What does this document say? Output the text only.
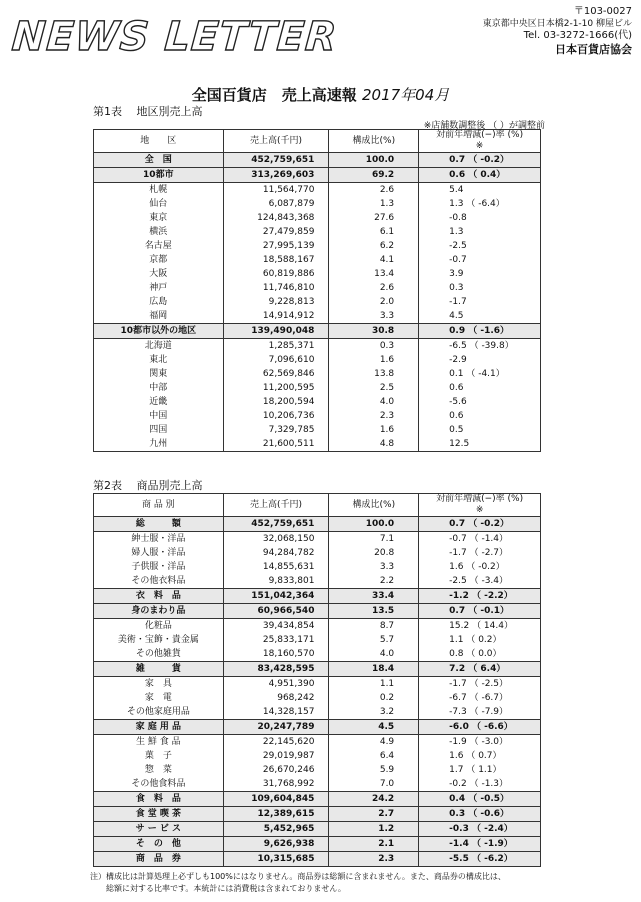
NEWS LETTER
〒103-0027
東京都中央区日本橋2-1-10 柳屋ビル
Tel. 03-3272-1666(代)
日本百貨店協会
全国百貨店　売上高速報 2017年04月
第1表　 地区別売上高
※店舗数調整後 （ ）が調整前
地　　区	売上高(千円)	構成比(%)	対前年増減(−)率 (%)
※
全　国	452,759,651	100.0	0.7 （ -0.2）
10都市	313,269,603	69.2	0.6 （ 0.4）
札幌	11,564,770	2.6	5.4
仙台	6,087,879	1.3	1.3 （ -6.4）
東京	124,843,368	27.6	-0.8
横浜	27,479,859	6.1	1.3
名古屋	27,995,139	6.2	-2.5
京都	18,588,167	4.1	-0.7
大阪	60,819,886	13.4	3.9
神戸	11,746,810	2.6	0.3
広島	9,228,813	2.0	-1.7
福岡	14,914,912	3.3	4.5
10都市以外の地区	139,490,048	30.8	0.9 （ -1.6）
北海道	1,285,371	0.3	-6.5 （ -39.8）
東北	7,096,610	1.6	-2.9
関東	62,569,846	13.8	0.1 （ -4.1）
中部	11,200,595	2.5	0.6
近畿	18,200,594	4.0	-5.6
中国	10,206,736	2.3	0.6
四国	7,329,785	1.6	0.5
九州	21,600,511	4.8	12.5
第2表　 商品別売上高
商 品 別	売上高(千円)	構成比(%)	対前年増減(−)率 (%)
※
総　　　額	452,759,651	100.0	0.7 （ -0.2）
紳士服・洋品	32,068,150	7.1	-0.7 （ -1.4）
婦人服・洋品	94,284,782	20.8	-1.7 （ -2.7）
子供服・洋品	14,855,631	3.3	1.6 （ -0.2）
その他衣料品	9,833,801	2.2	-2.5 （ -3.4）
衣　料　品	151,042,364	33.4	-1.2 （ -2.2）
身のまわり品	60,966,540	13.5	0.7 （ -0.1）
化粧品	39,434,854	8.7	15.2 （ 14.4）
美術・宝飾・貴金属	25,833,171	5.7	1.1 （ 0.2）
その他雑貨	18,160,570	4.0	0.8 （ 0.0）
雑　　　貨	83,428,595	18.4	7.2 （ 6.4）
家　具	4,951,390	1.1	-1.7 （ -2.5）
家　電	968,242	0.2	-6.7 （ -6.7）
その他家庭用品	14,328,157	3.2	-7.3 （ -7.9）
家 庭 用 品	20,247,789	4.5	-6.0 （ -6.6）
生 鮮 食 品	22,145,620	4.9	-1.9 （ -3.0）
菓　子	29,019,987	6.4	1.6 （ 0.7）
惣　菜	26,670,246	5.9	1.7 （ 1.1）
その他食料品	31,768,992	7.0	-0.2 （ -1.3）
食　料　品	109,604,845	24.2	0.4 （ -0.5）
食 堂 喫 茶	12,389,615	2.7	0.3 （ -0.6）
サ ー ビ ス	5,452,965	1.2	-0.3 （ -2.4）
そ　の　他	9,626,938	2.1	-1.4 （ -1.9）
商　品　券	10,315,685	2.3	-5.5 （ -6.2）
注）構成比は計算処理上必ずしも100%にはなりません。商品券は総額に含まれません。また、商品券の構成比は、
総額に対する比率です。本統計には消費税は含まれておりません。
